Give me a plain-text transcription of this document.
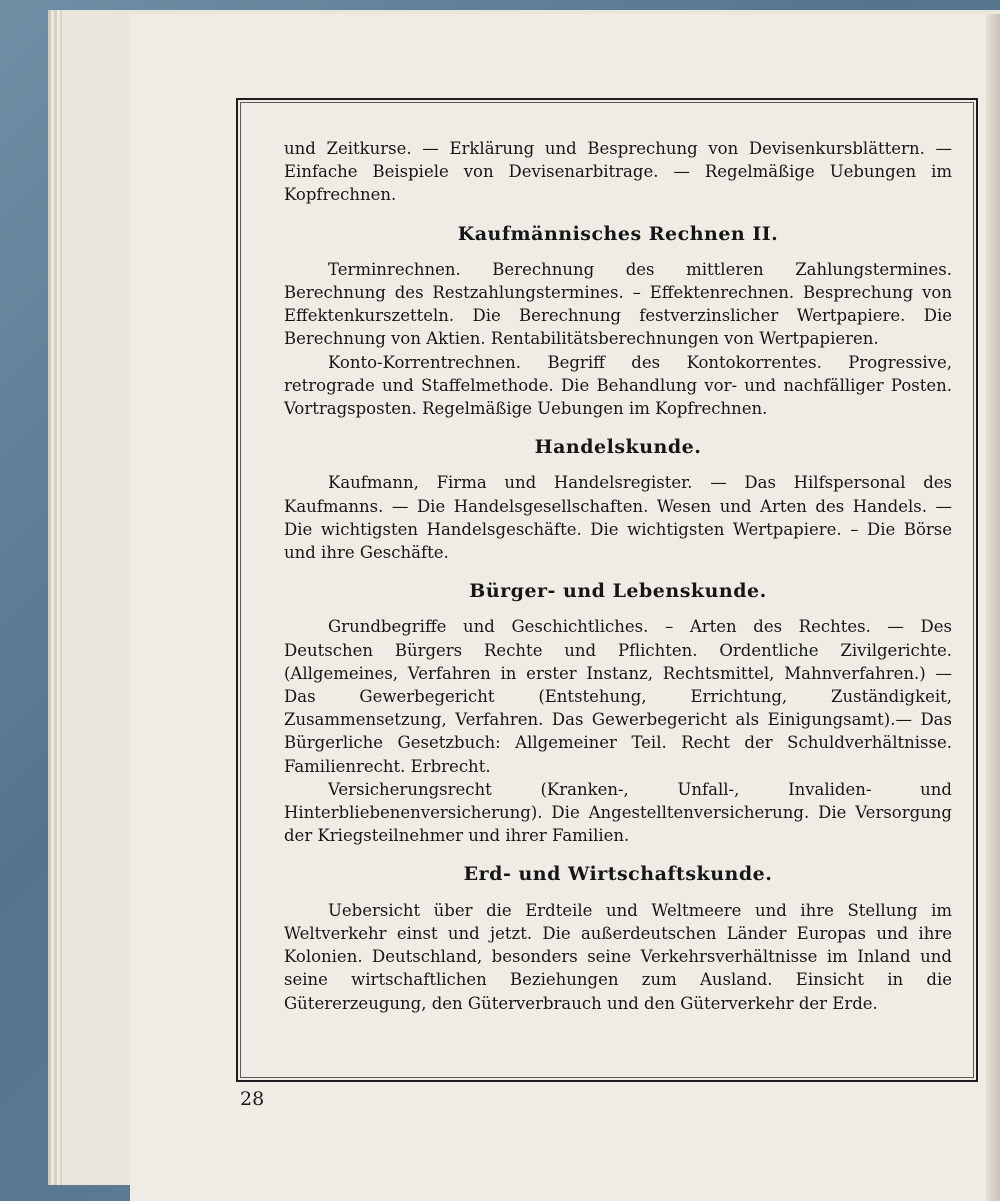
und Zeitkurse. — Erklärung und Besprechung von Devisenkursblättern. — Einfache Beispiele von Devisenarbitrage. — Regelmäßige Uebungen im Kopfrechnen.

Kaufmännisches Rechnen II.

Terminrechnen. Berechnung des mittleren Zahlungstermines. Berechnung des Restzahlungstermines. – Effektenrechnen. Besprechung von Effektenkurszetteln. Die Berechnung festverzinslicher Wertpapiere. Die Berechnung von Aktien. Rentabilitätsberechnungen von Wertpapieren.

Konto-Korrentrechnen. Begriff des Kontokorrentes. Progressive, retrograde und Staffelmethode. Die Behandlung vor- und nachfälliger Posten. Vortragsposten. Regelmäßige Uebungen im Kopfrechnen.

Handelskunde.

Kaufmann, Firma und Handelsregister. — Das Hilfspersonal des Kaufmanns. — Die Handelsgesellschaften. Wesen und Arten des Handels. — Die wichtigsten Handelsgeschäfte. Die wichtigsten Wertpapiere. – Die Börse und ihre Geschäfte.

Bürger- und Lebenskunde.

Grundbegriffe und Geschichtliches. – Arten des Rechtes. — Des Deutschen Bürgers Rechte und Pflichten. Ordentliche Zivilgerichte. (Allgemeines, Verfahren in erster Instanz, Rechtsmittel, Mahnverfahren.) — Das Gewerbegericht (Entstehung, Errichtung, Zuständigkeit, Zusammensetzung, Verfahren. Das Gewerbegericht als Einigungsamt).— Das Bürgerliche Gesetzbuch: Allgemeiner Teil. Recht der Schuldverhältnisse. Familienrecht. Erbrecht.

Versicherungsrecht (Kranken-, Unfall-, Invaliden- und Hinterbliebenenversicherung). Die Angestelltenversicherung. Die Versorgung der Kriegsteilnehmer und ihrer Familien.

Erd- und Wirtschaftskunde.

Uebersicht über die Erdteile und Weltmeere und ihre Stellung im Weltverkehr einst und jetzt. Die außerdeutschen Länder Europas und ihre Kolonien. Deutschland, besonders seine Verkehrsverhältnisse im Inland und seine wirtschaftlichen Beziehungen zum Ausland. Einsicht in die Gütererzeugung, den Güterverbrauch und den Güterverkehr der Erde.

28
